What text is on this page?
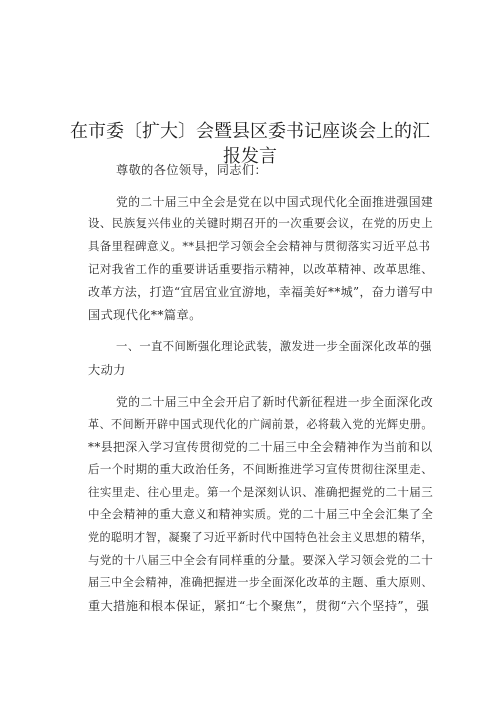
在市委〔扩大〕会暨县区委书记座谈会上的汇
报发言
尊敬的各位领导，同志们：
党的二十届三中全会是党在以中国式现代化全面推进强国建
设、民族复兴伟业的关键时期召开的一次重要会议，在党的历史上
具备里程碑意义。**县把学习领会全会精神与贯彻落实习近平总书
记对我省工作的重要讲话重要指示精神，以改革精神、改革思维、
改革方法，打造“宜居宜业宜游地，幸福美好**城”，奋力谱写中
国式现代化**篇章。
一、一直不间断强化理论武装，激发进一步全面深化改革的强
大动力
党的二十届三中全会开启了新时代新征程进一步全面深化改
革、不间断开辟中国式现代化的广阔前景，必将载入党的光辉史册。
**县把深入学习宣传贯彻党的二十届三中全会精神作为当前和以
后一个时期的重大政治任务，不间断推进学习宣传贯彻往深里走、
往实里走、往心里走。第一个是深刻认识、准确把握党的二十届三
中全会精神的重大意义和精神实质。党的二十届三中全会汇集了全
党的聪明才智，凝聚了习近平新时代中国特色社会主义思想的精华，
与党的十八届三中全会有同样重的分量。要深入学习领会党的二十
届三中全会精神，准确把握进一步全面深化改革的主题、重大原则、
重大措施和根本保证，紧扣“七个聚焦”，贯彻“六个坚持”，强
